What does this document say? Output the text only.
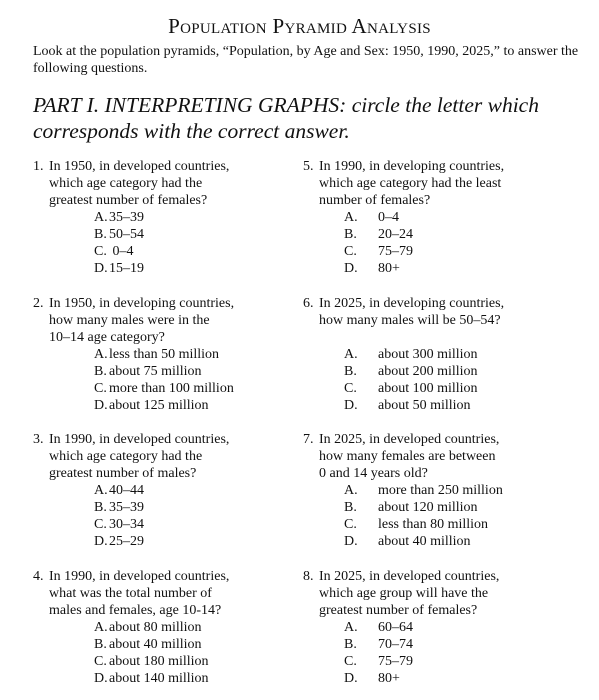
Population Pyramid Analysis

Look at the population pyramids, “Population, by Age and Sex: 1950, 1990, 2025,” to answer the following questions.

PART I. INTERPRETING GRAPHS: circle the letter which corresponds with the correct answer.

1. In 1950, in developed countries,
which age category had the
greatest number of females?
A. 35–39
B. 50–54
C. 0–4
D. 15–19
2. In 1950, in developing countries,
how many males were in the
10–14 age category?
A. less than 50 million
B. about 75 million
C. more than 100 million
D. about 125 million
3. In 1990, in developed countries,
which age category had the
greatest number of males?
A. 40–44
B. 35–39
C. 30–34
D. 25–29
4. In 1990, in developed countries,
what was the total number of
males and females, age 10-14?
A. about 80 million
B. about 40 million
C. about 180 million
D. about 140 million
5. In 1990, in developing countries,
which age category had the least
number of females?
A.	0–4
B.	20–24
C.	75–79
D.	80+
6. In 2025, in developing countries,
how many males will be 50–54?
A.	about 300 million
B.	about 200 million
C.	about 100 million
D.	about 50 million
7. In 2025, in developed countries,
how many females are between
0 and 14 years old?
A.	more than 250 million
B.	about 120 million
C.	less than 80 million
D.	about 40 million
8. In 2025, in developed countries,
which age group will have the
greatest number of females?
A.	60–64
B.	70–74
C.	75–79
D.	80+
